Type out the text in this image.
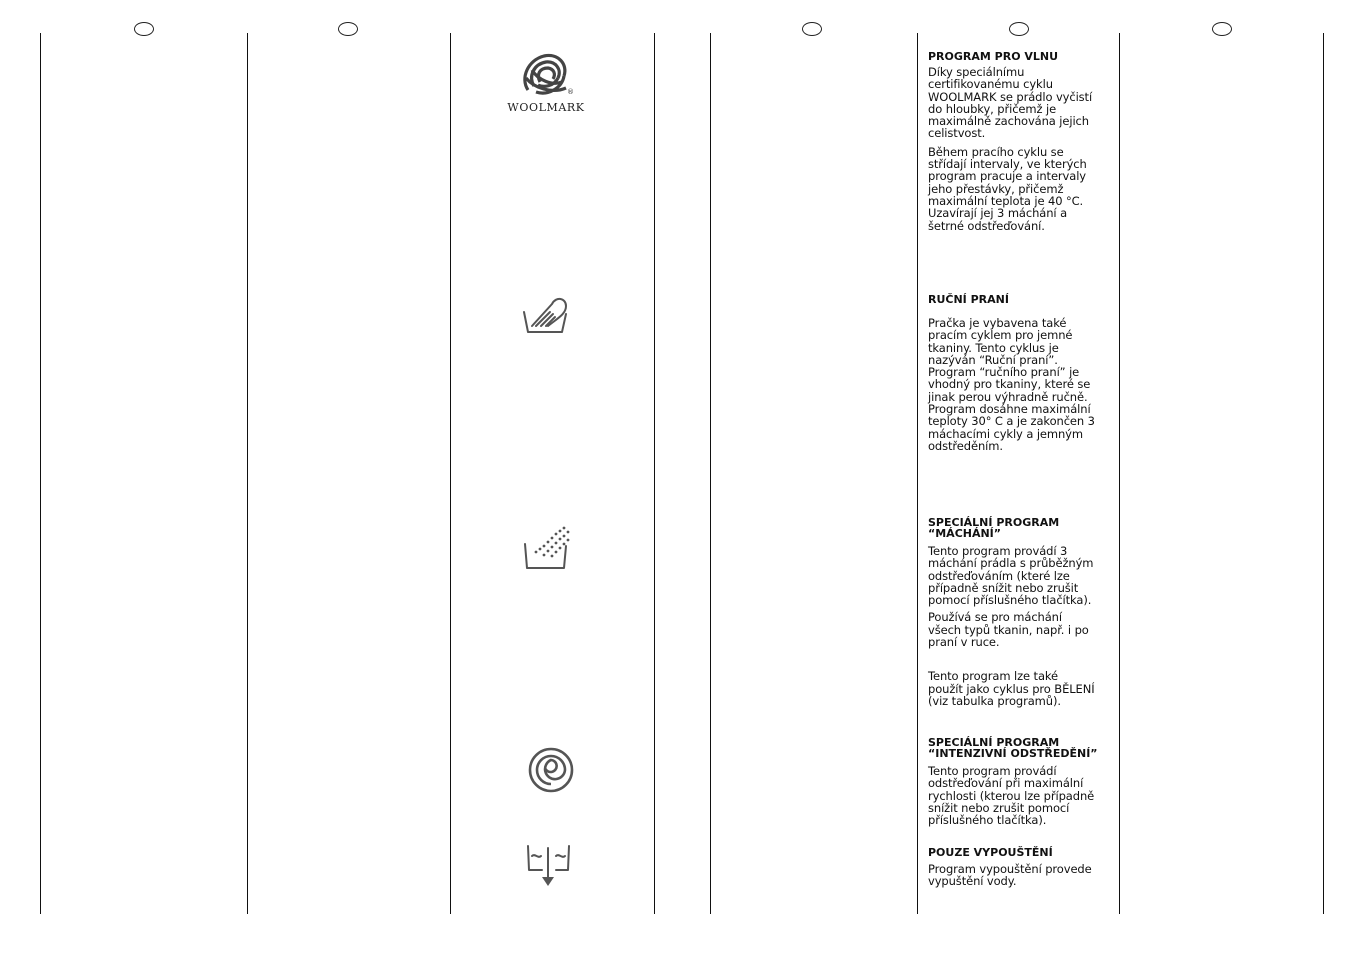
®
WOOLMARK
PROGRAM PRO VLNU

Díky speciálnímu
certifikovanému cyklu
WOOLMARK se prádlo vyčistí
do hloubky, přičemž je
maximálně zachována jejich
celistvost.

Během pracího cyklu se
střídají intervaly, ve kterých
program pracuje a intervaly
jeho přestávky, přičemž
maximální teplota je 40 °C.
Uzavírají jej 3 máchání a
šetrné odstřeďování.

RUČNÍ PRANÍ

Pračka je vybavena také
pracím cyklem pro jemné
tkaniny. Tento cyklus je
nazýván “Ruční praní”.
Program “ručního praní” je
vhodný pro tkaniny, které se
jinak perou výhradně ručně.
Program dosáhne maximální
teploty 30° C a je zakončen 3
máchacími cykly a jemným
odstředěním.

SPECIÁLNÍ PROGRAM
“MÁCHÁNÍ”

Tento program provádí 3
máchání prádla s průběžným
odstřeďováním (které lze
případně snížit nebo zrušit
pomocí příslušného tlačítka).

Používá se pro máchání
všech typů tkanin, např. i po
praní v ruce.

Tento program lze také
použít jako cyklus pro BĚLENÍ
(viz tabulka programů).

SPECIÁLNÍ PROGRAM
“INTENZIVNÍ ODSTŘEDĚNÍ”

Tento program provádí
odstřeďování při maximální
rychlosti (kterou lze případně
snížit nebo zrušit pomocí
příslušného tlačítka).

POUZE VYPOUŠTĚNÍ

Program vypouštění provede
vypuštění vody.
